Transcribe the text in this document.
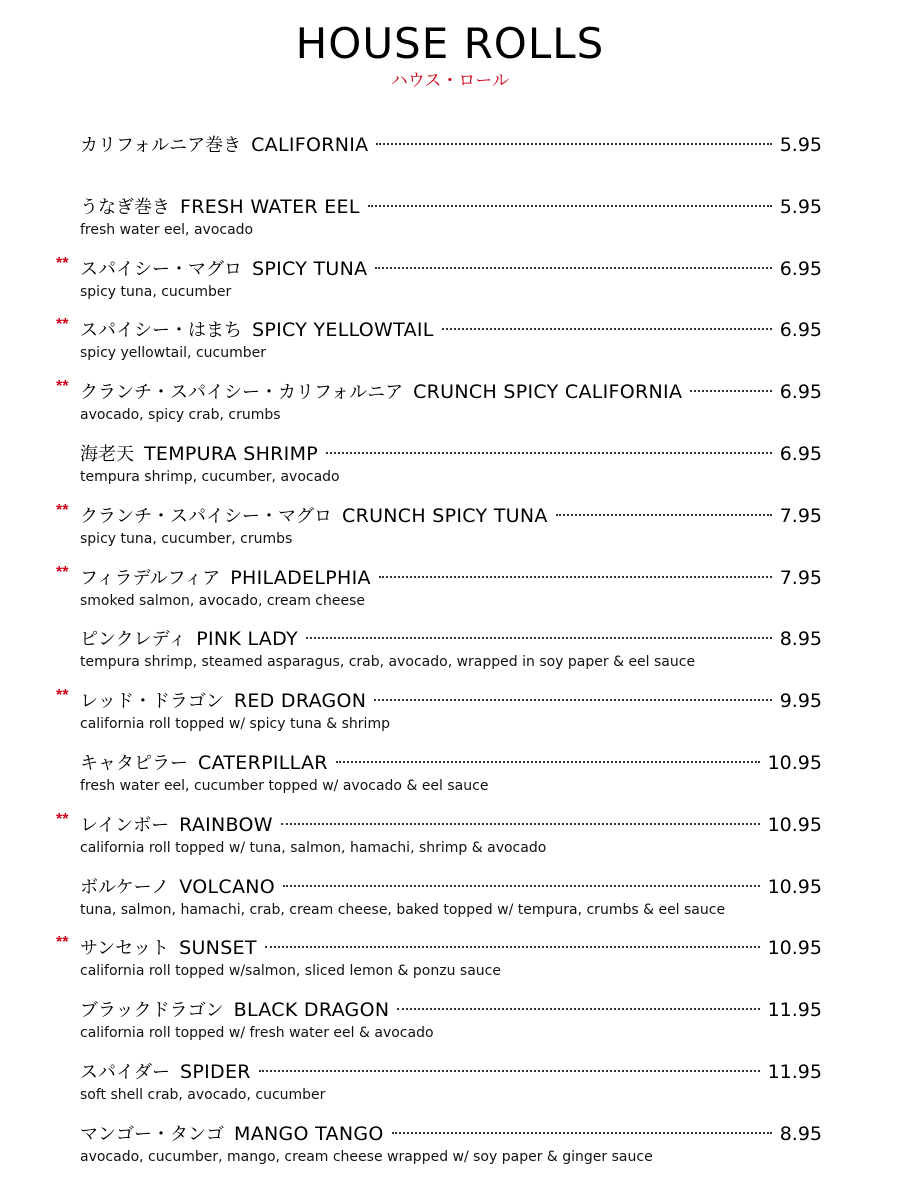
HOUSE ROLLS
ハウス・ロール
カリフォルニア巻き CALIFORNIA	5.95
うなぎ巻き FRESH WATER EEL	5.95
fresh water eel, avocado
** スパイシー・マグロ SPICY TUNA	6.95
spicy tuna, cucumber
** スパイシー・はまち SPICY YELLOWTAIL	6.95
spicy yellowtail, cucumber
** クランチ・スパイシー・カリフォルニア CRUNCH SPICY CALIFORNIA	6.95
avocado, spicy crab, crumbs
海老天 TEMPURA SHRIMP	6.95
tempura shrimp, cucumber, avocado
** クランチ・スパイシー・マグロ CRUNCH SPICY TUNA	7.95
spicy tuna, cucumber, crumbs
** フィラデルフィア PHILADELPHIA	7.95
smoked salmon, avocado, cream cheese
ピンクレディ PINK LADY	8.95
tempura shrimp, steamed asparagus, crab, avocado, wrapped in soy paper & eel sauce
** レッド・ドラゴン RED DRAGON	9.95
california roll topped w/ spicy tuna & shrimp
キャタピラー CATERPILLAR	10.95
fresh water eel, cucumber topped w/ avocado & eel sauce
** レインボー RAINBOW	10.95
california roll topped w/ tuna, salmon, hamachi, shrimp & avocado
ボルケーノ VOLCANO	10.95
tuna, salmon, hamachi, crab, cream cheese, baked topped w/ tempura, crumbs & eel sauce
** サンセット SUNSET	10.95
california roll topped w/salmon, sliced lemon & ponzu sauce
ブラックドラゴン BLACK DRAGON	11.95
california roll topped w/ fresh water eel & avocado
スパイダー SPIDER	11.95
soft shell crab, avocado, cucumber
マンゴー・タンゴ MANGO TANGO	8.95
avocado, cucumber, mango, cream cheese wrapped w/ soy paper & ginger sauce
